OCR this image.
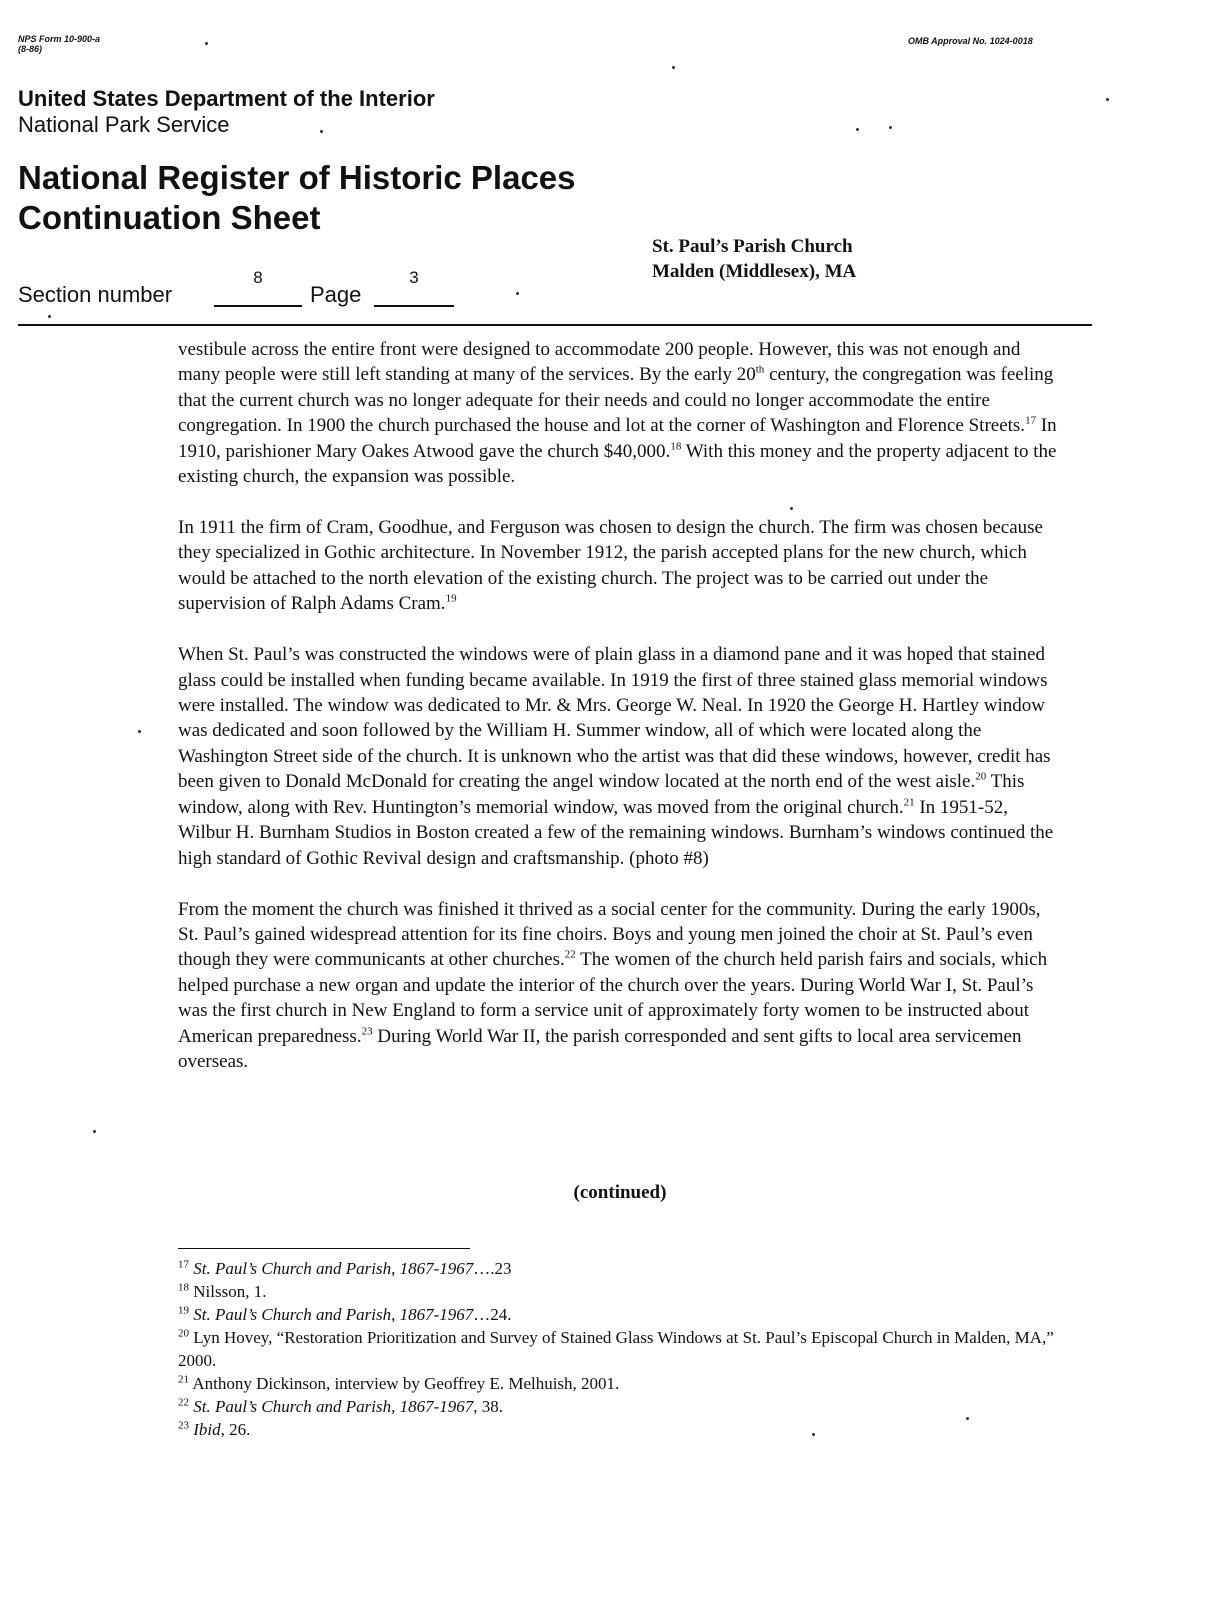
NPS Form 10-900-a
(8-86)
OMB Approval No. 1024-0018
United States Department of the Interior
National Park Service
National Register of Historic Places
Continuation Sheet
St. Paul’s Parish Church
Malden (Middlesex), MA
Section number
8
Page
3

vestibule across the entire front were designed to accommodate 200 people. However, this was not enough and many people were still left standing at many of the services. By the early 20th century, the congregation was feeling that the current church was no longer adequate for their needs and could no longer accommodate the entire congregation. In 1900 the church purchased the house and lot at the corner of Washington and Florence Streets.$^{17}$ In 1910, parishioner Mary Oakes Atwood gave the church $40,000.18 With this money and the property adjacent to the existing church, the expansion was possible.

In 1911 the firm of Cram, Goodhue, and Ferguson was chosen to design the church. The firm was chosen because they specialized in Gothic architecture. In November 1912, the parish accepted plans for the new church, which would be attached to the north elevation of the existing church. The project was to be carried out under the supervision of Ralph Adams Cram.$^{19}$

When St. Paul’s was constructed the windows were of plain glass in a diamond pane and it was hoped that stained glass could be installed when funding became available. In 1919 the first of three stained glass memorial windows were installed. The window was dedicated to Mr. & Mrs. George W. Neal. In 1920 the George H. Hartley window was dedicated and soon followed by the William H. Summer window, all of which were located along the Washington Street side of the church. It is unknown who the artist was that did these windows, however, credit has been given to Donald McDonald for creating the angel window located at the north end of the west aisle.$^{20}$ This window, along with Rev. Huntington’s memorial window, was moved from the original church.$^{21}$ In 1951-52, Wilbur H. Burnham Studios in Boston created a few of the remaining windows. Burnham’s windows continued the high standard of Gothic Revival design and craftsmanship. (photo #8)

From the moment the church was finished it thrived as a social center for the community. During the early 1900s, St. Paul’s gained widespread attention for its fine choirs. Boys and young men joined the choir at St. Paul’s even though they were communicants at other churches.$^{22}$ The women of the church held parish fairs and socials, which helped purchase a new organ and update the interior of the church over the years. During World War I, St. Paul’s was the first church in New England to form a service unit of approximately forty women to be instructed about American preparedness.$^{23}$ During World War II, the parish corresponded and sent gifts to local area servicemen overseas.

(continued)
$^{17}$ St. Paul’s Church and Parish, 1867-1967….23
$^{18}$ Nilsson, 1.
$^{19}$ St. Paul’s Church and Parish, 1867-1967…24.
$^{20}$ Lyn Hovey, “Restoration Prioritization and Survey of Stained Glass Windows at St. Paul’s Episcopal Church in Malden, MA,” 2000.
$^{21}$ Anthony Dickinson, interview by Geoffrey E. Melhuish, 2001.
$^{22}$ St. Paul’s Church and Parish, 1867-1967, 38.
$^{23}$ Ibid, 26.
